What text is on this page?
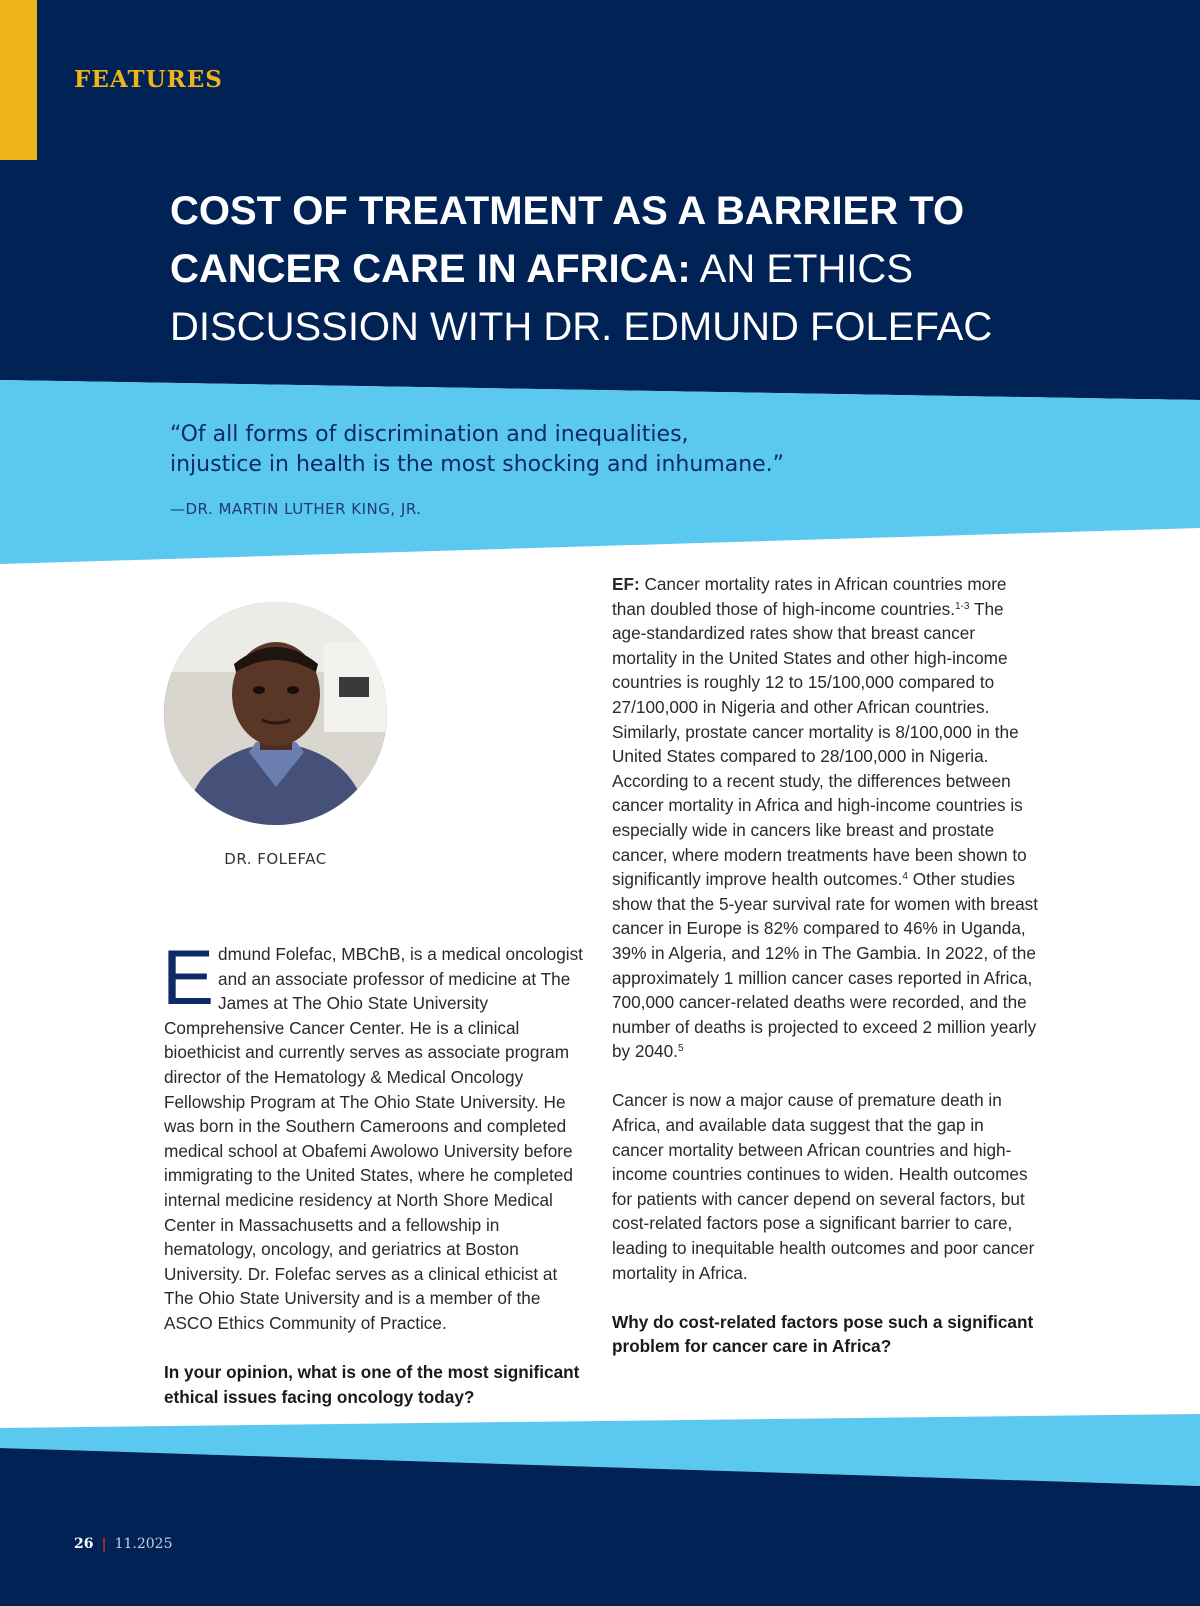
FEATURES
COST OF TREATMENT AS A BARRIER TO CANCER CARE IN AFRICA: AN ETHICS DISCUSSION WITH DR. EDMUND FOLEFAC
“Of all forms of discrimination and inequalities,
injustice in health is the most shocking and inhumane.”

—DR. MARTIN LUTHER KING, JR.

DR. FOLEFAC

Edmund Folefac, MBChB, is a medical oncologist and an associate professor of medicine at The James at The Ohio State University Comprehensive Cancer Center. He is a clinical bioethicist and currently serves as associate program director of the Hematology & Medical Oncology Fellowship Program at The Ohio State University. He was born in the Southern Cameroons and completed medical school at Obafemi Awolowo University before immigrating to the United States, where he completed internal medicine residency at North Shore Medical Center in Massachusetts and a fellowship in hematology, oncology, and geriatrics at Boston University. Dr. Folefac serves as a clinical ethicist at The Ohio State University and is a member of the ASCO Ethics Community of Practice.

In your opinion, what is one of the most significant ethical issues facing oncology today?

EF: Cancer mortality rates in African countries more than doubled those of high-income countries.$^{1-3}$ The age-standardized rates show that breast cancer mortality in the United States and other high-income countries is roughly 12 to 15/100,000 compared to 27/100,000 in Nigeria and other African countries. Similarly, prostate cancer mortality is 8/100,000 in the United States compared to 28/100,000 in Nigeria. According to a recent study, the differences between cancer mortality in Africa and high-income countries is especially wide in cancers like breast and prostate cancer, where modern treatments have been shown to significantly improve health outcomes.$^4$ Other studies show that the 5-year survival rate for women with breast cancer in Europe is 82% compared to 46% in Uganda, 39% in Algeria, and 12% in The Gambia. In 2022, of the approximately 1 million cancer cases reported in Africa, 700,000 cancer-related deaths were recorded, and the number of deaths is projected to exceed 2 million yearly by 2040.$^5$

Cancer is now a major cause of premature death in Africa, and available data suggest that the gap in cancer mortality between African countries and high-income countries continues to widen. Health outcomes for patients with cancer depend on several factors, but cost-related factors pose a significant barrier to care, leading to inequitable health outcomes and poor cancer mortality in Africa.

Why do cost-related factors pose such a significant problem for cancer care in Africa?

26 | 11.2025
